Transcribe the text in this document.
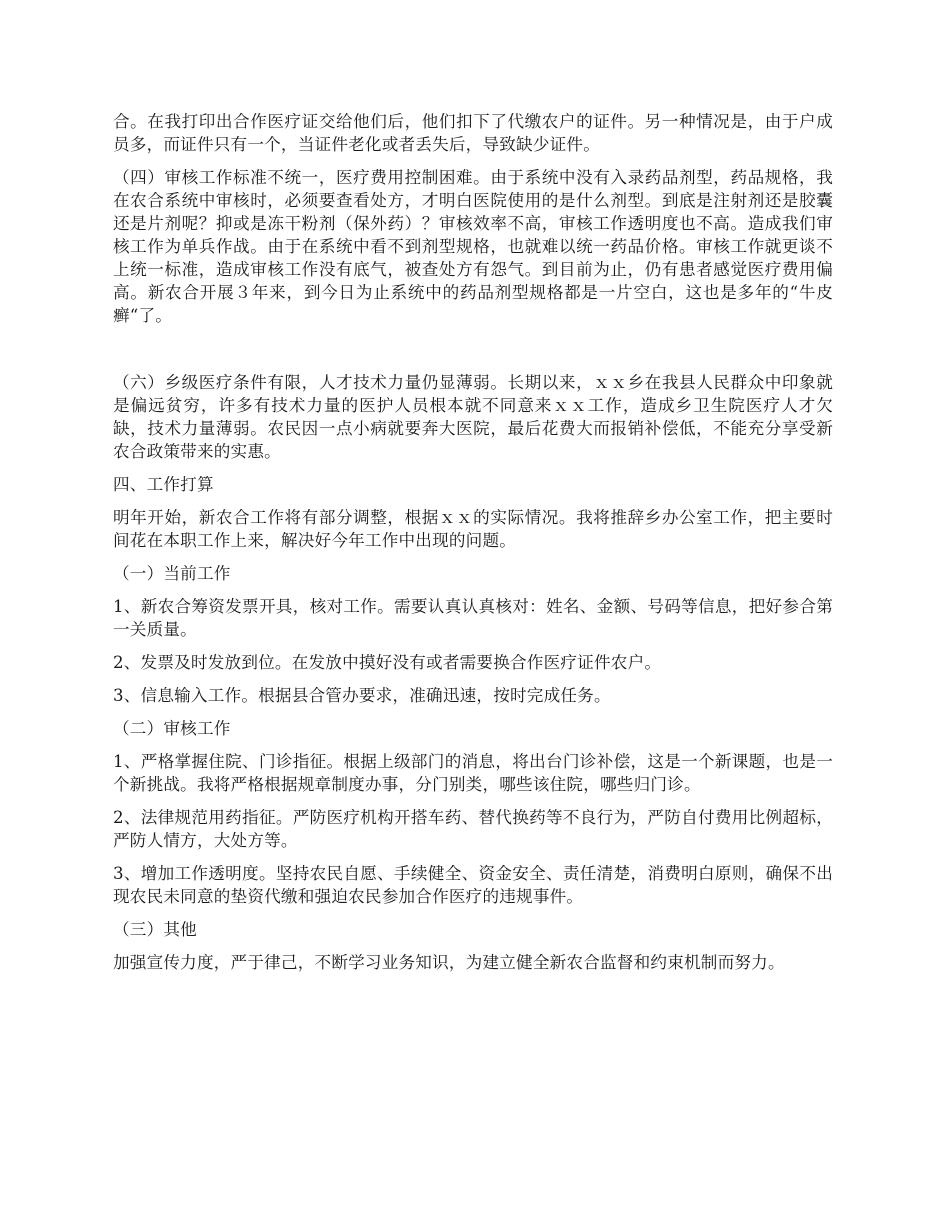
合。在我打印出合作医疗证交给他们后，他们扣下了代缴农户的证件。另一种情况是，由于户成员多，而证件只有一个，当证件老化或者丢失后，导致缺少证件。

（四）审核工作标准不统一，医疗费用控制困难。由于系统中没有入录药品剂型，药品规格，我在农合系统中审核时，必须要查看处方，才明白医院使用的是什么剂型。到底是注射剂还是胶囊还是片剂呢？抑或是冻干粉剂（保外药）？审核效率不高，审核工作透明度也不高。造成我们审核工作为单兵作战。由于在系统中看不到剂型规格，也就难以统一药品价格。审核工作就更谈不上统一标准，造成审核工作没有底气，被查处方有怨气。到目前为止，仍有患者感觉医疗费用偏高。新农合开展３年来，到今日为止系统中的药品剂型规格都是一片空白，这也是多年的“牛皮癣“了。

（六）乡级医疗条件有限，人才技术力量仍显薄弱。长期以来，ｘｘ乡在我县人民群众中印象就是偏远贫穷，许多有技术力量的医护人员根本就不同意来ｘｘ工作，造成乡卫生院医疗人才欠缺，技术力量薄弱。农民因一点小病就要奔大医院，最后花费大而报销补偿低，不能充分享受新农合政策带来的实惠。

四、工作打算

明年开始，新农合工作将有部分调整，根据ｘｘ的实际情况。我将推辞乡办公室工作，把主要时间花在本职工作上来，解决好今年工作中出现的问题。

（一）当前工作

1、新农合筹资发票开具，核对工作。需要认真认真核对：姓名、金额、号码等信息，把好参合第一关质量。

2、发票及时发放到位。在发放中摸好没有或者需要换合作医疗证件农户。

3、信息输入工作。根据县合管办要求，准确迅速，按时完成任务。

（二）审核工作

1、严格掌握住院、门诊指征。根据上级部门的消息，将出台门诊补偿，这是一个新课题，也是一个新挑战。我将严格根据规章制度办事，分门别类，哪些该住院，哪些归门诊。

2、法律规范用药指征。严防医疗机构开搭车药、替代换药等不良行为，严防自付费用比例超标，严防人情方，大处方等。

3、增加工作透明度。坚持农民自愿、手续健全、资金安全、责任清楚，消费明白原则，确保不出现农民未同意的垫资代缴和强迫农民参加合作医疗的违规事件。

（三）其他

加强宣传力度，严于律己，不断学习业务知识，为建立健全新农合监督和约束机制而努力。
